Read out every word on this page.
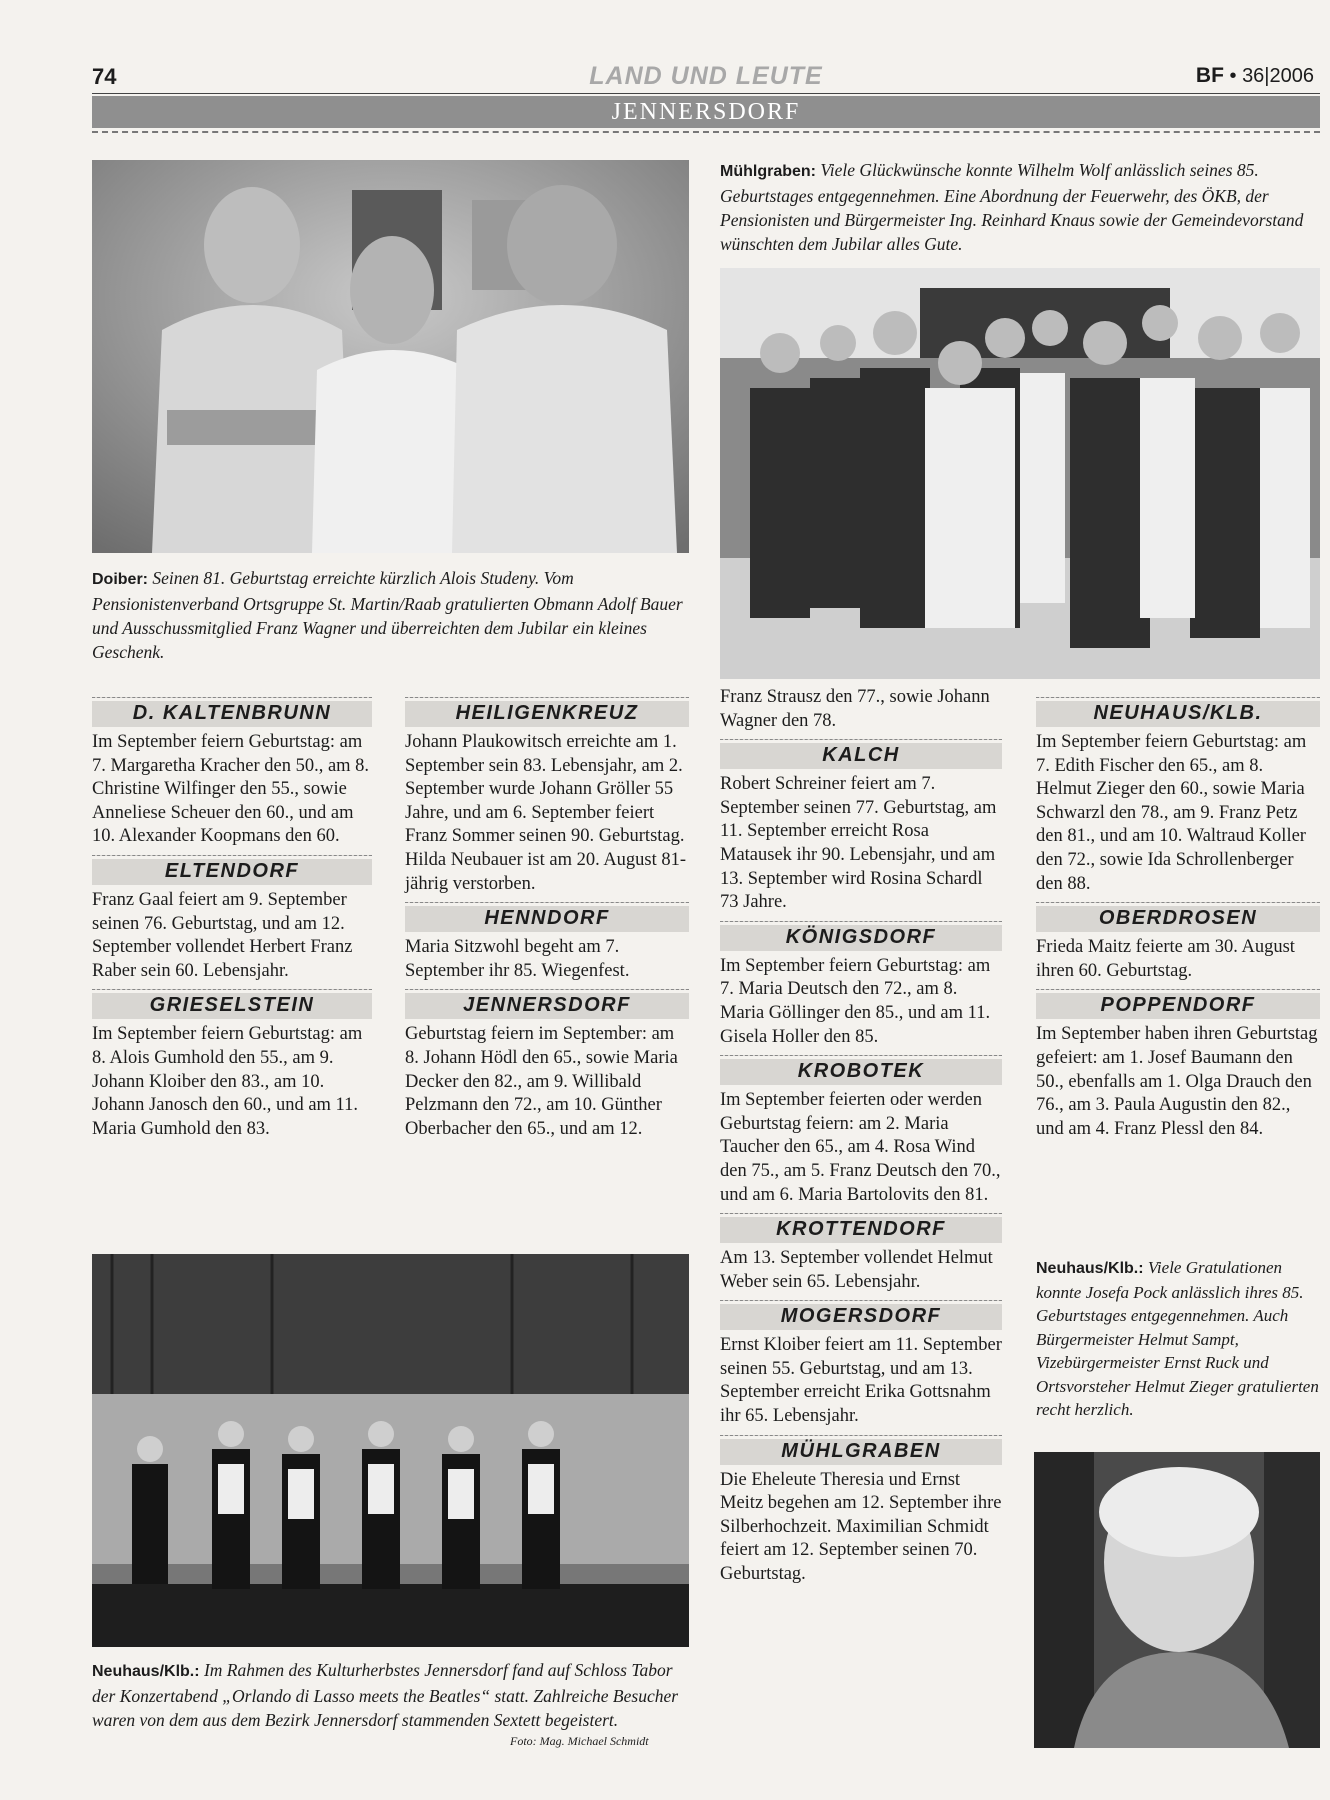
74	LAND UND LEUTE	BF • 36|2006
JENNERSDORF
Doiber: Seinen 81. Geburtstag erreichte kürzlich Alois Studeny. Vom Pensionistenverband Ortsgruppe St. Martin/Raab gratulierten Obmann Adolf Bauer und Ausschussmitglied Franz Wagner und überreichten dem Jubilar ein kleines Geschenk.
Mühlgraben: Viele Glückwünsche konnte Wilhelm Wolf anlässlich seines 85. Geburtstages entgegennehmen. Eine Abordnung der Feuerwehr, des ÖKB, der Pensionisten und Bürgermeister Ing. Reinhard Knaus sowie der Gemeindevorstand wünschten dem Jubilar alles Gute.
D. KALTENBRUNN
Im September feiern Geburtstag: am 7. Margaretha Kracher den 50., am 8. Christine Wilfinger den 55., sowie Anneliese Scheuer den 60., und am 10. Alexander Koopmans den 60.
ELTENDORF
Franz Gaal feiert am 9. September seinen 76. Geburtstag, und am 12. September vollendet Herbert Franz Raber sein 60. Lebensjahr.
GRIESELSTEIN
Im September feiern Geburtstag: am 8. Alois Gumhold den 55., am 9. Johann Kloiber den 83., am 10. Johann Janosch den 60., und am 11. Maria Gumhold den 83.
HEILIGENKREUZ
Johann Plaukowitsch erreichte am 1. September sein 83. Lebensjahr, am 2. September wurde Johann Gröller 55 Jahre, und am 6. September feiert Franz Sommer seinen 90. Geburtstag.
Hilda Neubauer ist am 20. August 81-jährig verstorben.
HENNDORF
Maria Sitzwohl begeht am 7. September ihr 85. Wiegenfest.
JENNERSDORF
Geburtstag feiern im September: am 8. Johann Hödl den 65., sowie Maria Decker den 82., am 9. Willibald Pelzmann den 72., am 10. Günther Oberbacher den 65., und am 12.
Franz Strausz den 77., sowie Johann Wagner den 78.
KALCH
Robert Schreiner feiert am 7. September seinen 77. Geburtstag, am 11. September erreicht Rosa Matausek ihr 90. Lebensjahr, und am 13. September wird Rosina Schardl 73 Jahre.
KÖNIGSDORF
Im September feiern Geburtstag: am 7. Maria Deutsch den 72., am 8. Maria Göllinger den 85., und am 11. Gisela Holler den 85.
KROBOTEK
Im September feierten oder werden Geburtstag feiern: am 2. Maria Taucher den 65., am 4. Rosa Wind den 75., am 5. Franz Deutsch den 70., und am 6. Maria Bartolovits den 81.
KROTTENDORF
Am 13. September vollendet Helmut Weber sein 65. Lebensjahr.
MOGERSDORF
Ernst Kloiber feiert am 11. September seinen 55. Geburtstag, und am 13. September erreicht Erika Gottsnahm ihr 65. Lebensjahr.
MÜHLGRABEN
Die Eheleute Theresia und Ernst Meitz begehen am 12. September ihre Silberhochzeit. Maximilian Schmidt feiert am 12. September seinen 70. Geburtstag.
NEUHAUS/KLB.
Im September feiern Geburtstag: am 7. Edith Fischer den 65., am 8. Helmut Zieger den 60., sowie Maria Schwarzl den 78., am 9. Franz Petz den 81., und am 10. Waltraud Koller den 72., sowie Ida Schrollenberger den 88.
OBERDROSEN
Frieda Maitz feierte am 30. August ihren 60. Geburtstag.
POPPENDORF
Im September haben ihren Geburtstag gefeiert: am 1. Josef Baumann den 50., ebenfalls am 1. Olga Drauch den 76., am 3. Paula Augustin den 82., und am 4. Franz Plessl den 84.
Neuhaus/Klb.: Viele Gratulationen konnte Josefa Pock anlässlich ihres 85. Geburtstages entgegennehmen. Auch Bürgermeister Helmut Sampt, Vizebürgermeister Ernst Ruck und Ortsvorsteher Helmut Zieger gratulierten recht herzlich.
Neuhaus/Klb.: Im Rahmen des Kulturherbstes Jennersdorf fand auf Schloss Tabor der Konzertabend „Orlando di Lasso meets the Beatles“ statt. Zahlreiche Besucher waren von dem aus dem Bezirk Jennersdorf stammenden Sextett begeistert.
Foto: Mag. Michael Schmidt
